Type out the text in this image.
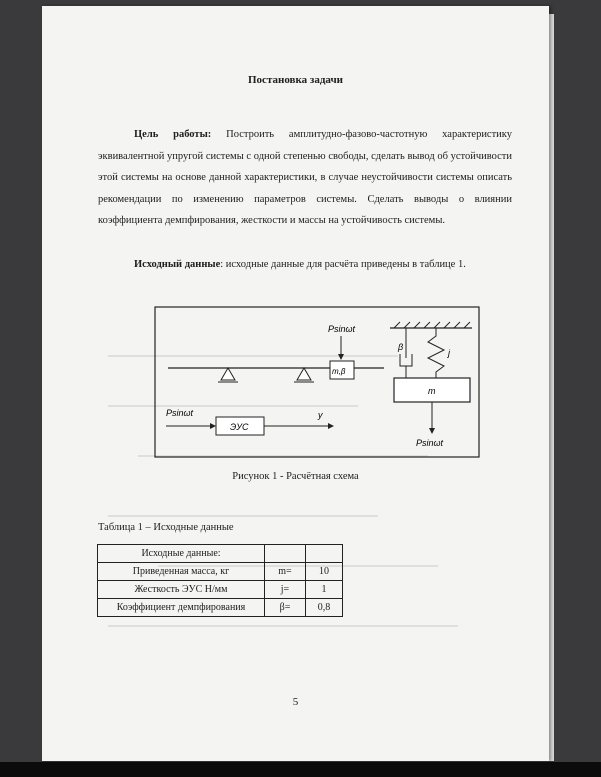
Постановка задачи
Цель работы: Построить амплитудно-фазово-частотную характеристику эквивалентной упругой системы с одной степенью свободы, сделать вывод об устойчивости этой системы на основе данной характеристики, в случае неустойчивости системы описать рекомендации по изменению параметров системы. Сделать выводы о влиянии коэффициента демпфирования, жесткости и массы на устойчивость системы.
Исходный данные: исходные данные для расчёта приведены в таблице 1.
Psinωt
m,β
Psinωt
ЭУС
y
β
j
m
Psinωt
Рисунок 1 - Расчётная схема
Таблица 1 – Исходные данные
Исходные данные:		
Приведенная масса, кг	m=	10
Жесткость ЭУС Н/мм	j=	1
Коэффициент демпфирования	β=	0,8
5
